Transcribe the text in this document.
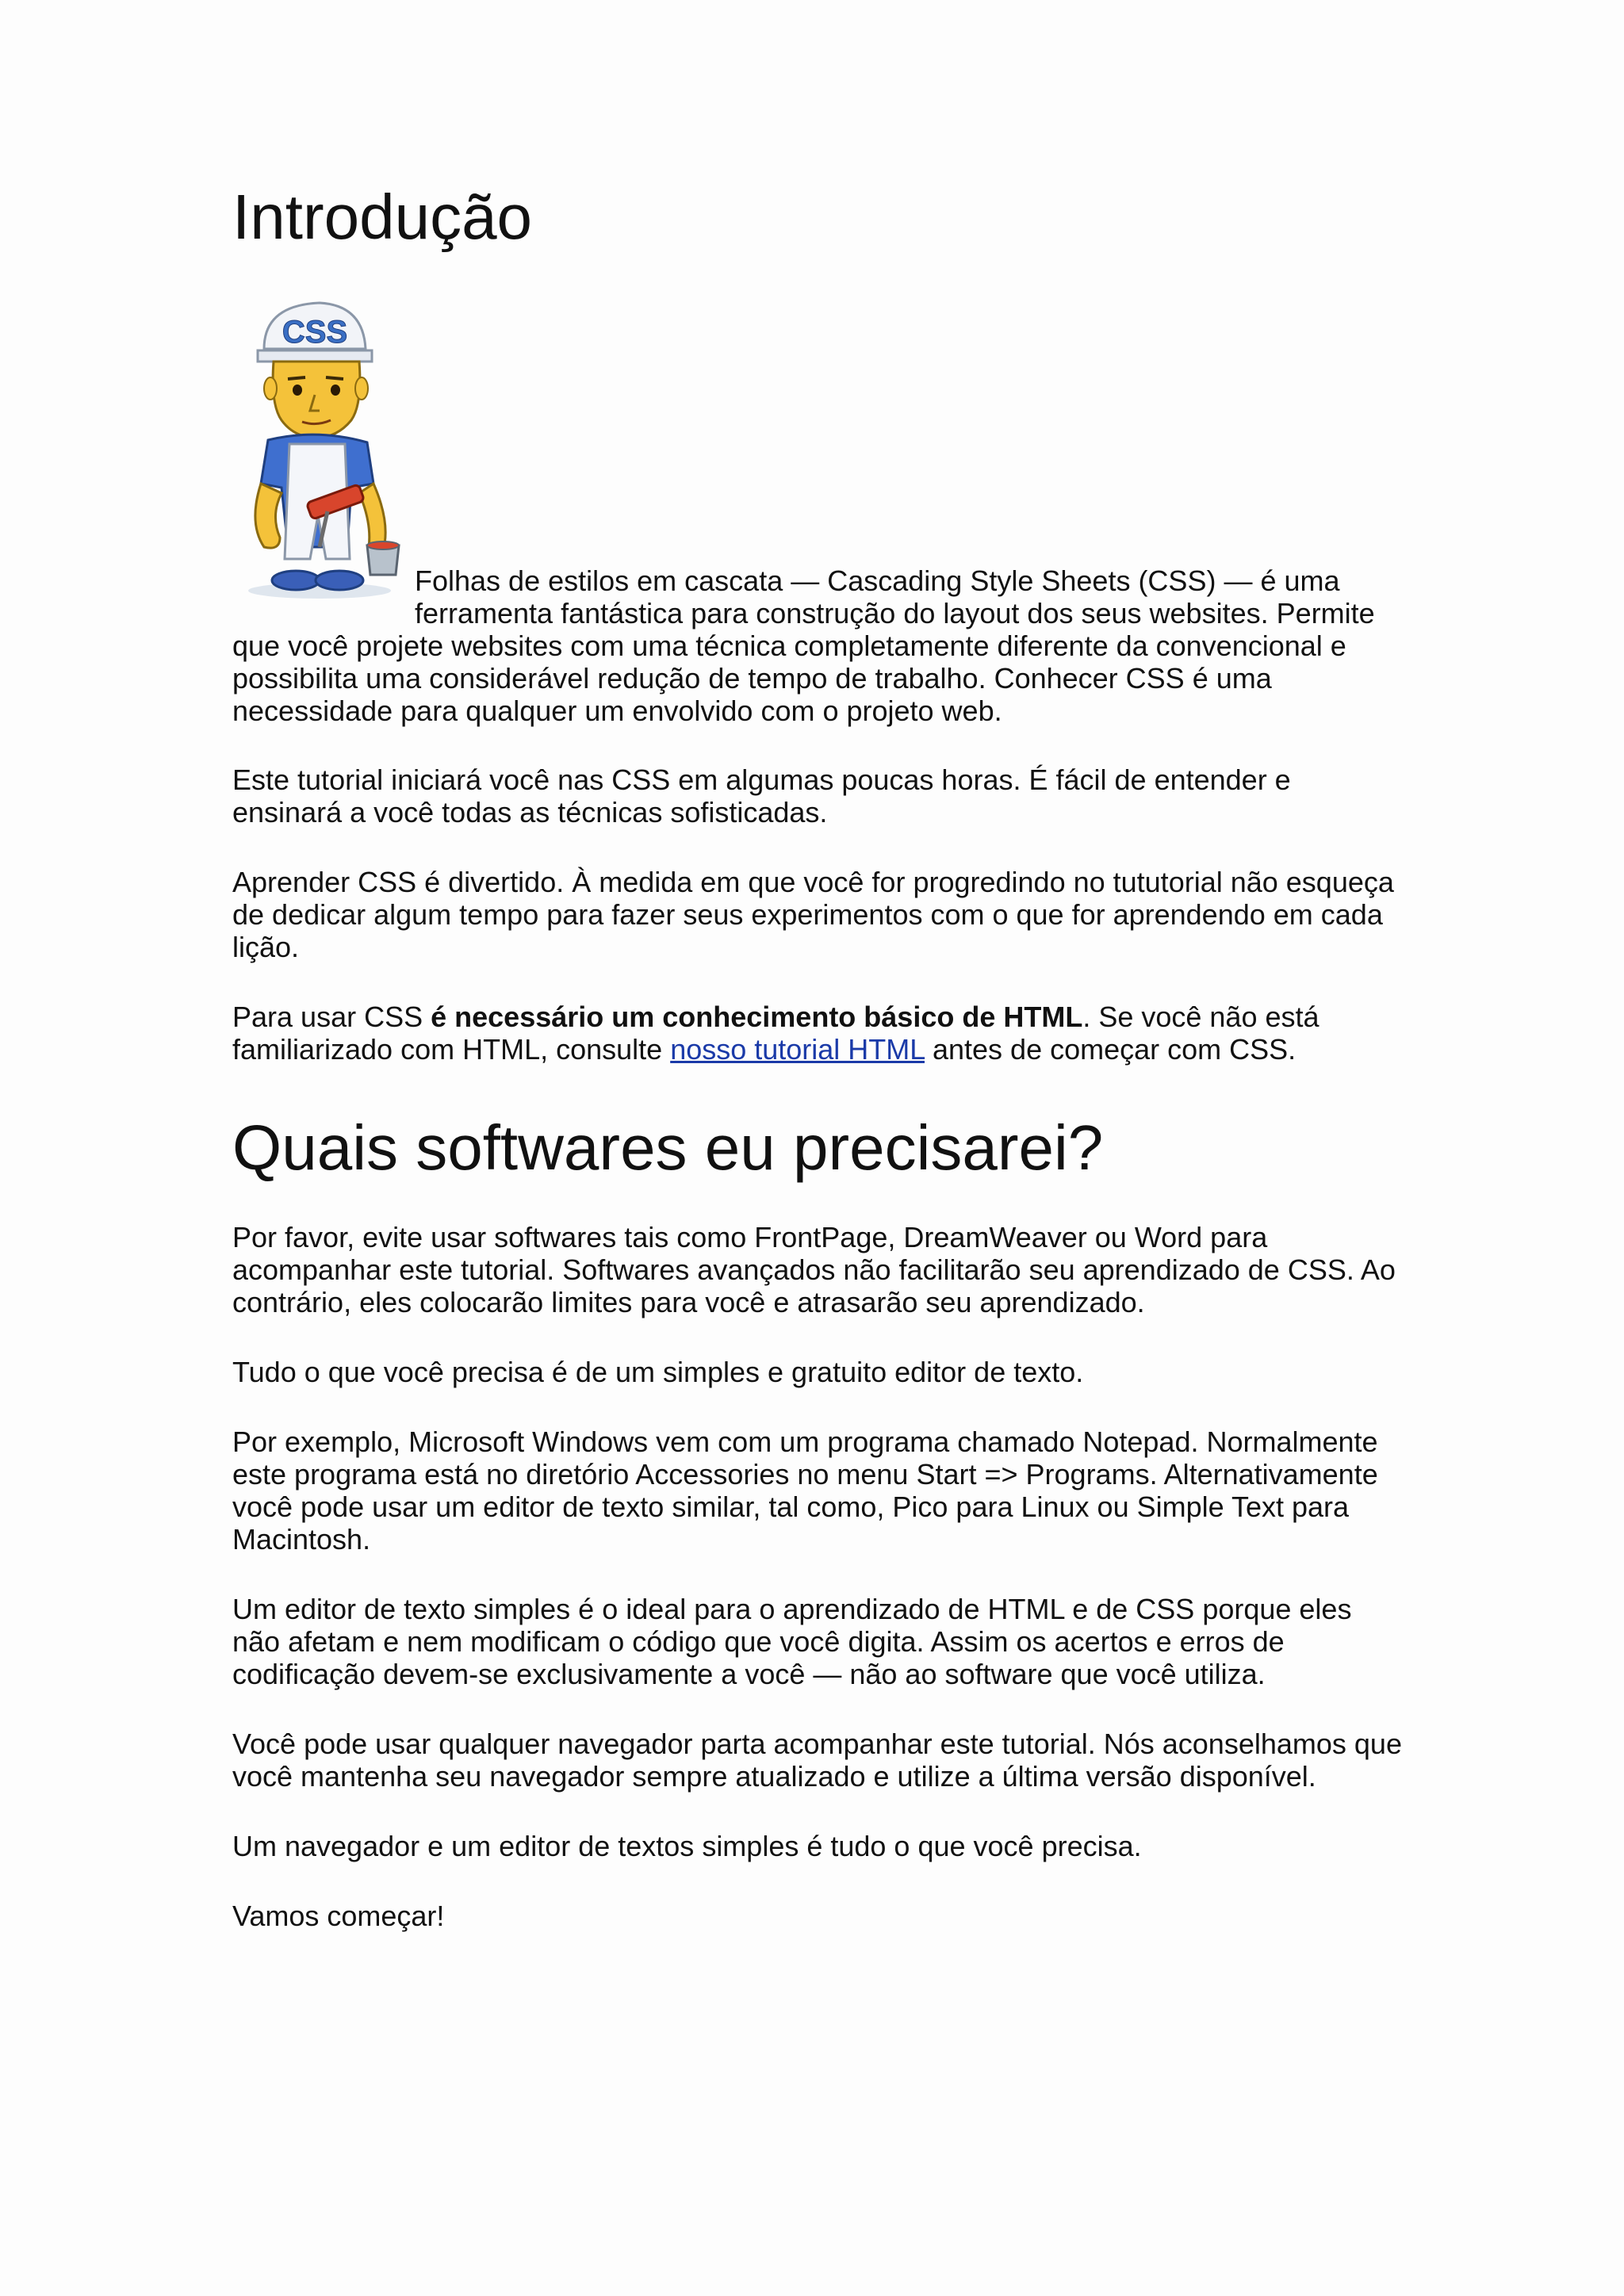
Introdução
CSS
Folhas de estilos em cascata — Cascading Style Sheets (CSS) — é uma ferramenta fantástica para construção do layout dos seus websites. Permite que você projete websites com uma técnica completamente diferente da convencional e possibilita uma considerável redução de tempo de trabalho. Conhecer CSS é uma necessidade para qualquer um envolvido com o projeto web.

Este tutorial iniciará você nas CSS em algumas poucas horas. É fácil de entender e ensinará a você todas as técnicas sofisticadas.

Aprender CSS é divertido. À medida em que você for progredindo no tututorial não esqueça de dedicar algum tempo para fazer seus experimentos com o que for aprendendo em cada lição.

Para usar CSS é necessário um conhecimento básico de HTML. Se você não está familiarizado com HTML, consulte nosso tutorial HTML antes de começar com CSS.

Quais softwares eu precisarei?

Por favor, evite usar softwares tais como FrontPage, DreamWeaver ou Word para acompanhar este tutorial. Softwares avançados não facilitarão seu aprendizado de CSS. Ao contrário, eles colocarão limites para você e atrasarão seu aprendizado.

Tudo o que você precisa é de um simples e gratuito editor de texto.

Por exemplo, Microsoft Windows vem com um programa chamado Notepad. Normalmente este programa está no diretório Accessories no menu Start => Programs. Alternativamente você pode usar um editor de texto similar, tal como, Pico para Linux ou Simple Text para Macintosh.

Um editor de texto simples é o ideal para o aprendizado de HTML e de CSS porque eles não afetam e nem modificam o código que você digita. Assim os acertos e erros de codificação devem-se exclusivamente a você — não ao software que você utiliza.

Você pode usar qualquer navegador parta acompanhar este tutorial. Nós aconselhamos que você mantenha seu navegador sempre atualizado e utilize a última versão disponível.

Um navegador e um editor de textos simples é tudo o que você precisa.

Vamos começar!
